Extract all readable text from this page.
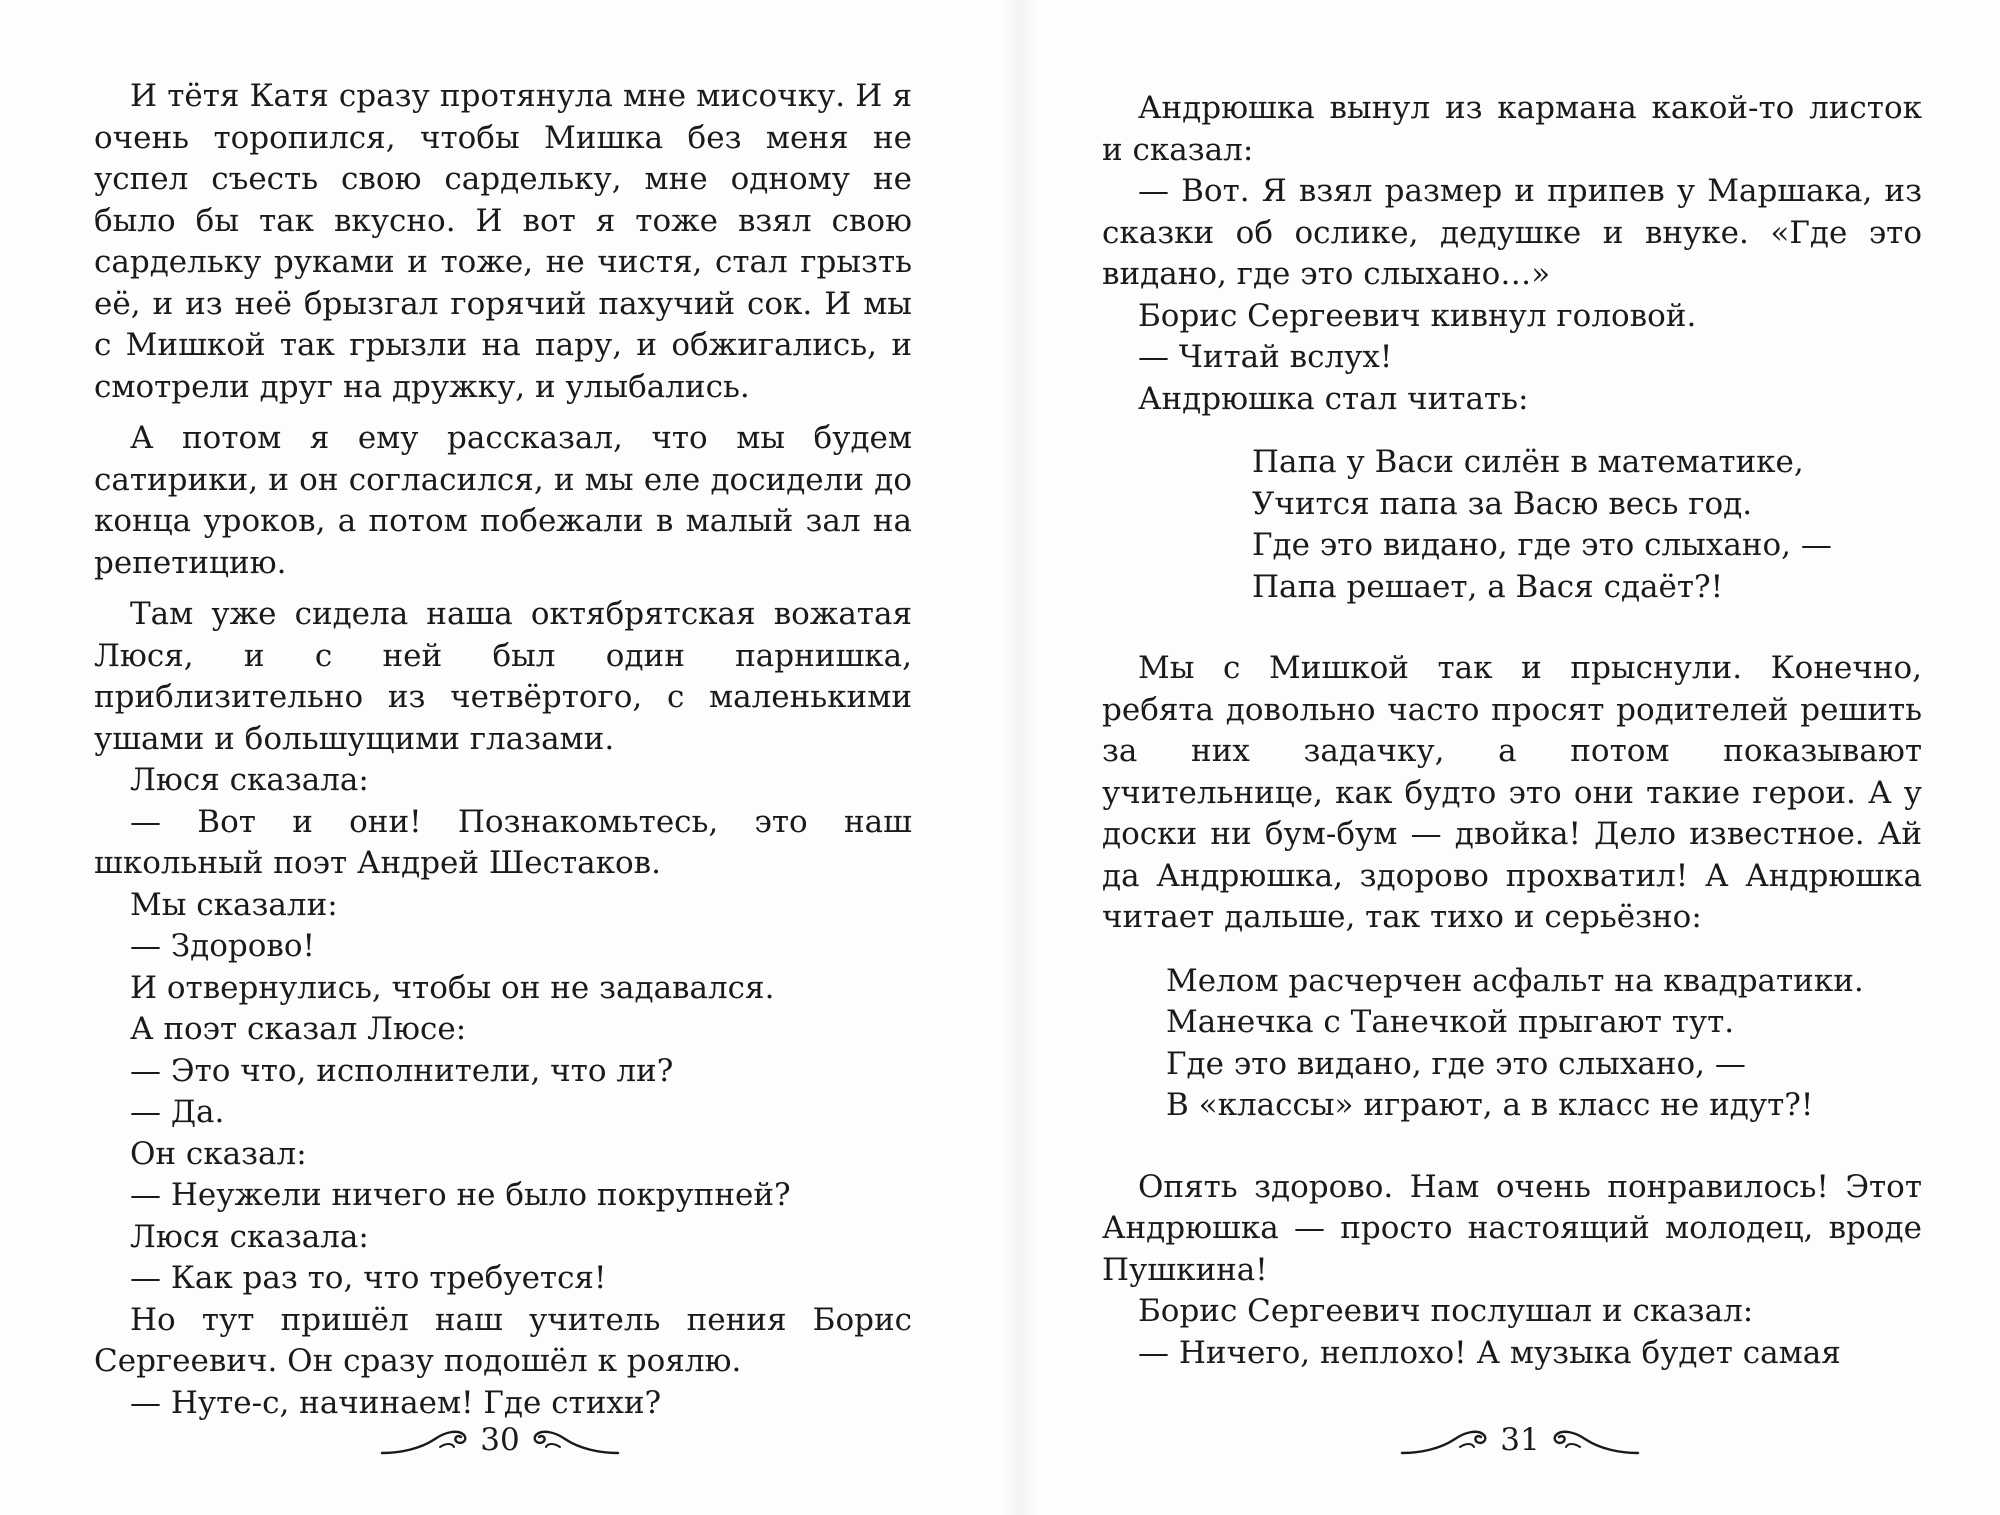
И тётя Катя сразу протянула мне мисочку. И я очень торопился, чтобы Мишка без меня не успел съесть свою сардельку, мне одному не было бы так вкусно. И вот я тоже взял свою сардельку руками и тоже, не чистя, стал грызть её, и из неё брызгал горячий пахучий сок. И мы с Мишкой так грызли на пару, и обжигались, и смотрели друг на дружку, и улыбались.

А потом я ему рассказал, что мы будем сатирики, и он согласился, и мы еле досидели до конца уроков, а потом побежали в малый зал на репетицию.

Там уже сидела наша октябрятская вожатая Люся, и с ней был один парнишка, приблизительно из четвёртого, с маленькими ушами и большущими глазами.

Люся сказала:

— Вот и они! Познакомьтесь, это наш школьный поэт Андрей Шестаков.

Мы сказали:

— Здорово!

И отвернулись, чтобы он не задавался.

А поэт сказал Люсе:

— Это что, исполнители, что ли?

— Да.

Он сказал:

— Неужели ничего не было покрупней?

Люся сказала:

— Как раз то, что требуется!

Но тут пришёл наш учитель пения Борис Сергеевич. Он сразу подошёл к роялю.

— Нуте-с, начинаем! Где стихи?

30

Андрюшка вынул из кармана какой-то листок и сказал:

— Вот. Я взял размер и припев у Маршака, из сказки об ослике, дедушке и внуке. «Где это видано, где это слыхано…»

Борис Сергеевич кивнул головой.

— Читай вслух!

Андрюшка стал читать:

Папа у Васи силён в математике,
Учится папа за Васю весь год.
Где это видано, где это слыхано, —
Папа решает, а Вася сдаёт?!

Мы с Мишкой так и прыснули. Конечно, ребята довольно часто просят родителей решить за них задачку, а потом показывают учительнице, как будто это они такие герои. А у доски ни бум-бум — двойка! Дело известное. Ай да Андрюшка, здорово прохватил! А Андрюшка читает дальше, так тихо и серьёзно:

Мелом расчерчен асфальт на квадратики.
Манечка с Танечкой прыгают тут.
Где это видано, где это слыхано, —
В «классы» играют, а в класс не идут?!

Опять здорово. Нам очень понравилось! Этот Андрюшка — просто настоящий молодец, вроде Пушкина!

Борис Сергеевич послушал и сказал:

— Ничего, неплохо! А музыка будет самая

31
